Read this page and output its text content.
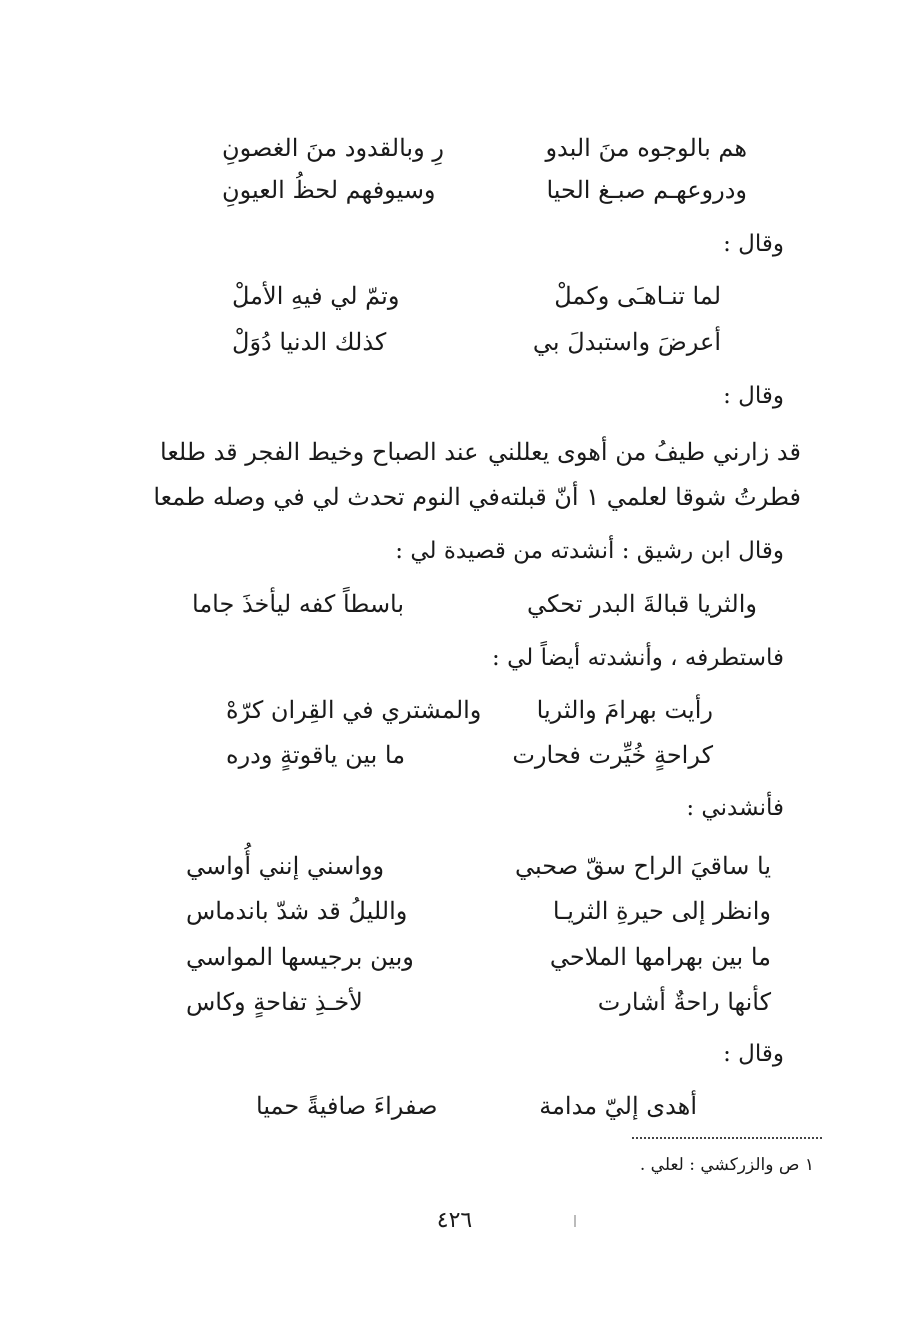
هم بالوجوه منَ البدو
رِ وبالقدود منَ الغصونِ
ودروعهـم صبـغ الحيا
وسيوفهم لحظُ العيونِ
وقال :
لما تنـاهـَى وكملْ
وتمّ لي فيهِ الأملْ
أعرضَ واستبدلَ بي
كذلك الدنيا دُوَلْ
وقال :
قد زارني طيفُ من أهوى يعللني
عند الصباح وخيط الفجر قد طلعا
فطرتُ شوقا لعلمي ١ أنّ قبلته
في النوم تحدث لي في وصله طمعا
وقال ابن رشيق : أنشدته من قصيدة لي :
والثريا قبالةَ البدر تحكي
باسطاً كفه ليأخذَ جاما
فاستطرفه ، وأنشدته أيضاً لي :
رأيت بهرامَ والثريا
والمشتري في القِران كرّهْ
كراحةٍ خُيِّرت فحارت
ما بين ياقوتةٍ ودره
فأنشدني :
يا ساقيَ الراح سقّ صحبي
وواسني إنني أُواسي
وانظر إلى حيرةِ الثريـا
والليلُ قد شدّ باندماس
ما بين بهرامها الملاحي
وبين برجيسها المواسي
كأنها راحةٌ أشارت
لأخـذِ تفاحةٍ وكاس
وقال :
أهدى إليّ مدامة
صفراءَ صافيةً حميا
١ ص والزركشي : لعلي .
٤٢٦
